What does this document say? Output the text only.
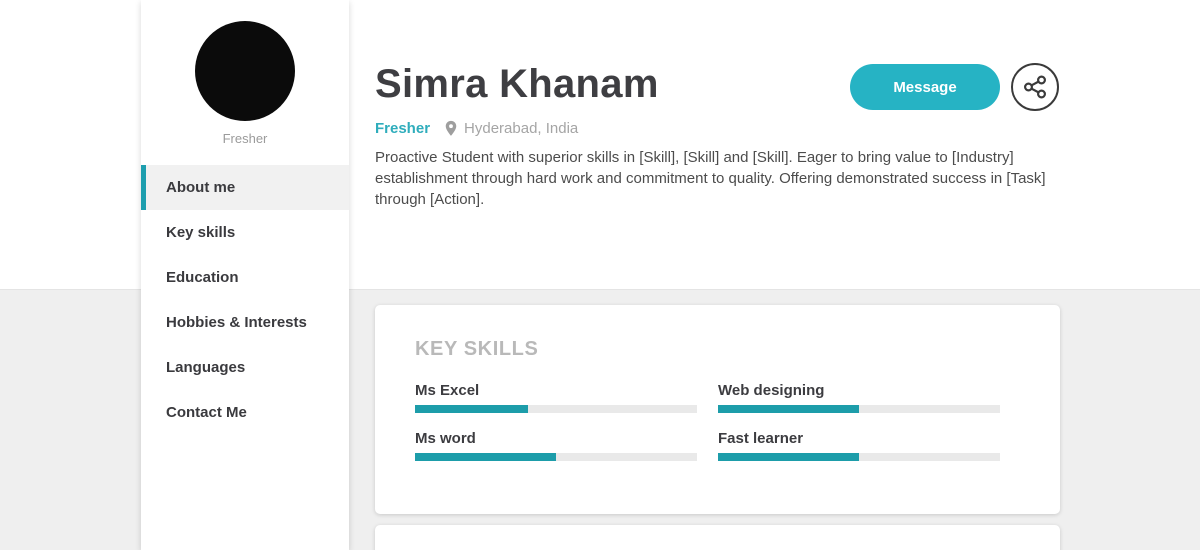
Fresher
About me
Key skills
Education
Hobbies & Interests
Languages
Contact Me
Simra Khanam
Fresher Hyderabad, India

Proactive Student with superior skills in [Skill], [Skill] and [Skill]. Eager to bring value to [Industry] establishment through hard work and commitment to quality. Offering demonstrated success in [Task] through [Action].

Message
KEY SKILLS
Ms Excel	Web designing
Ms word	Fast learner
